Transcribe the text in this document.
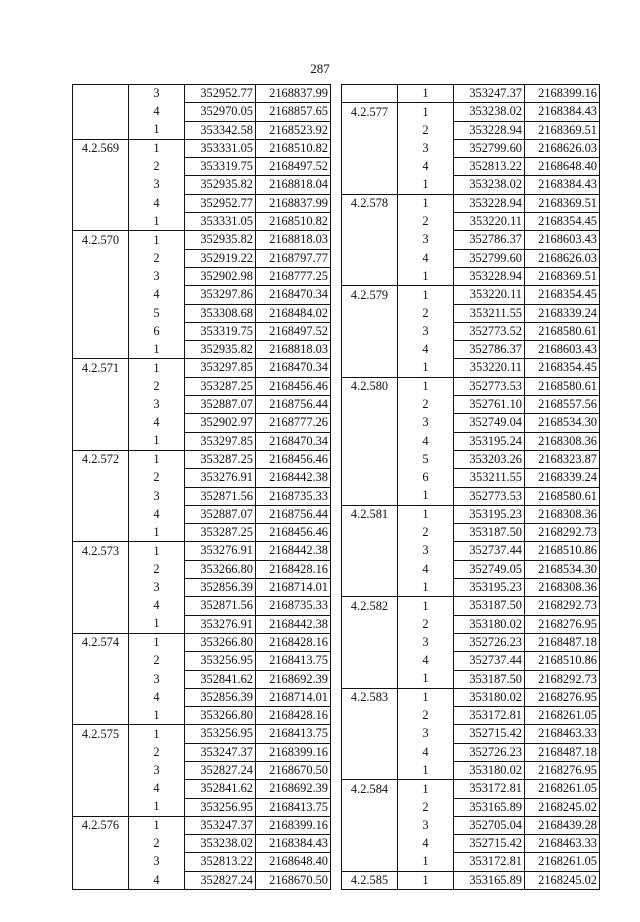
287
	3	352952.77	2168837.99
	4	352970.05	2168857.65
	1	353342.58	2168523.92
4.2.569	1	353331.05	2168510.82
	2	353319.75	2168497.52
	3	352935.82	2168818.04
	4	352952.77	2168837.99
	1	353331.05	2168510.82
4.2.570	1	352935.82	2168818.03
	2	352919.22	2168797.77
	3	352902.98	2168777.25
	4	353297.86	2168470.34
	5	353308.68	2168484.02
	6	353319.75	2168497.52
	1	352935.82	2168818.03
4.2.571	1	353297.85	2168470.34
	2	353287.25	2168456.46
	3	352887.07	2168756.44
	4	352902.97	2168777.26
	1	353297.85	2168470.34
4.2.572	1	353287.25	2168456.46
	2	353276.91	2168442.38
	3	352871.56	2168735.33
	4	352887.07	2168756.44
	1	353287.25	2168456.46
4.2.573	1	353276.91	2168442.38
	2	353266.80	2168428.16
	3	352856.39	2168714.01
	4	352871.56	2168735.33
	1	353276.91	2168442.38
4.2.574	1	353266.80	2168428.16
	2	353256.95	2168413.75
	3	352841.62	2168692.39
	4	352856.39	2168714.01
	1	353266.80	2168428.16
4.2.575	1	353256.95	2168413.75
	2	353247.37	2168399.16
	3	352827.24	2168670.50
	4	352841.62	2168692.39
	1	353256.95	2168413.75
4.2.576	1	353247.37	2168399.16
	2	353238.02	2168384.43
	3	352813.22	2168648.40
	4	352827.24	2168670.50
	1	353247.37	2168399.16
4.2.577	1	353238.02	2168384.43
	2	353228.94	2168369.51
	3	352799.60	2168626.03
	4	352813.22	2168648.40
	1	353238.02	2168384.43
4.2.578	1	353228.94	2168369.51
	2	353220.11	2168354.45
	3	352786.37	2168603.43
	4	352799.60	2168626.03
	1	353228.94	2168369.51
4.2.579	1	353220.11	2168354.45
	2	353211.55	2168339.24
	3	352773.52	2168580.61
	4	352786.37	2168603.43
	1	353220.11	2168354.45
4.2.580	1	352773.53	2168580.61
	2	352761.10	2168557.56
	3	352749.04	2168534.30
	4	353195.24	2168308.36
	5	353203.26	2168323.87
	6	353211.55	2168339.24
	1	352773.53	2168580.61
4.2.581	1	353195.23	2168308.36
	2	353187.50	2168292.73
	3	352737.44	2168510.86
	4	352749.05	2168534.30
	1	353195.23	2168308.36
4.2.582	1	353187.50	2168292.73
	2	353180.02	2168276.95
	3	352726.23	2168487.18
	4	352737.44	2168510.86
	1	353187.50	2168292.73
4.2.583	1	353180.02	2168276.95
	2	353172.81	2168261.05
	3	352715.42	2168463.33
	4	352726.23	2168487.18
	1	353180.02	2168276.95
4.2.584	1	353172.81	2168261.05
	2	353165.89	2168245.02
	3	352705.04	2168439.28
	4	352715.42	2168463.33
	1	353172.81	2168261.05
4.2.585	1	353165.89	2168245.02
